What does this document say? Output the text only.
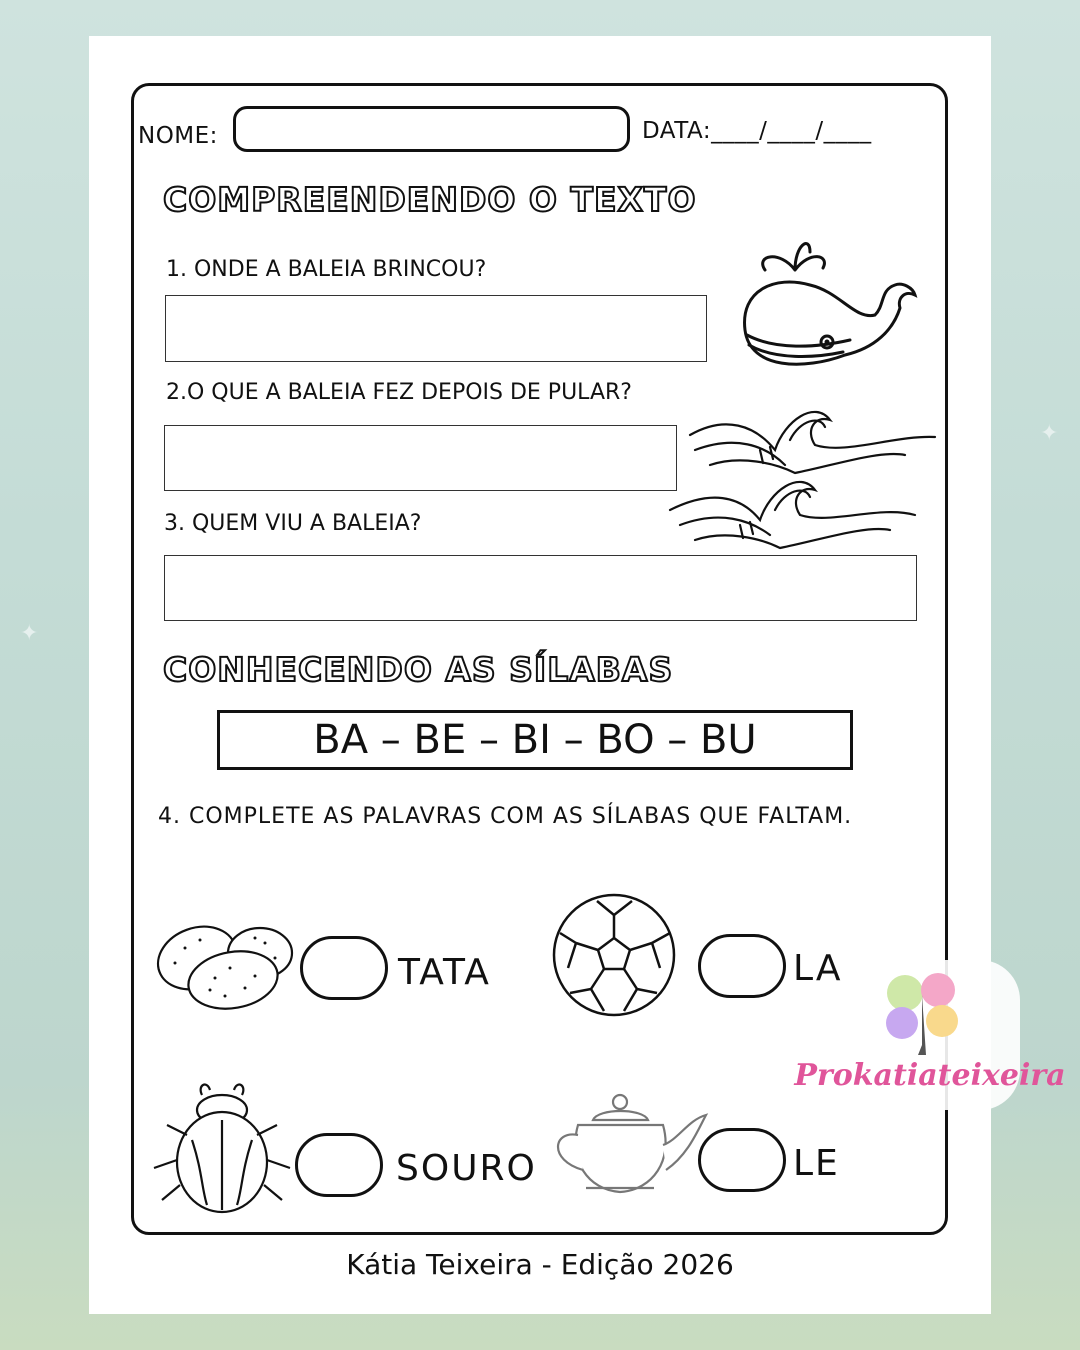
✦
✦
NOME:	DATA:____/____/____
COMPREENDENDO O TEXTO
1. ONDE A BALEIA BRINCOU?
2.O QUE A BALEIA FEZ DEPOIS DE PULAR?
3. QUEM VIU A BALEIA?
CONHECENDO AS SÍLABAS
BA – BE – BI – BO – BU
4. COMPLETE AS PALAVRAS COM AS SÍLABAS QUE FALTAM.
TATA	LA
SOURO	LE
Prokatiateixeira
Kátia Teixeira - Edição 2026
